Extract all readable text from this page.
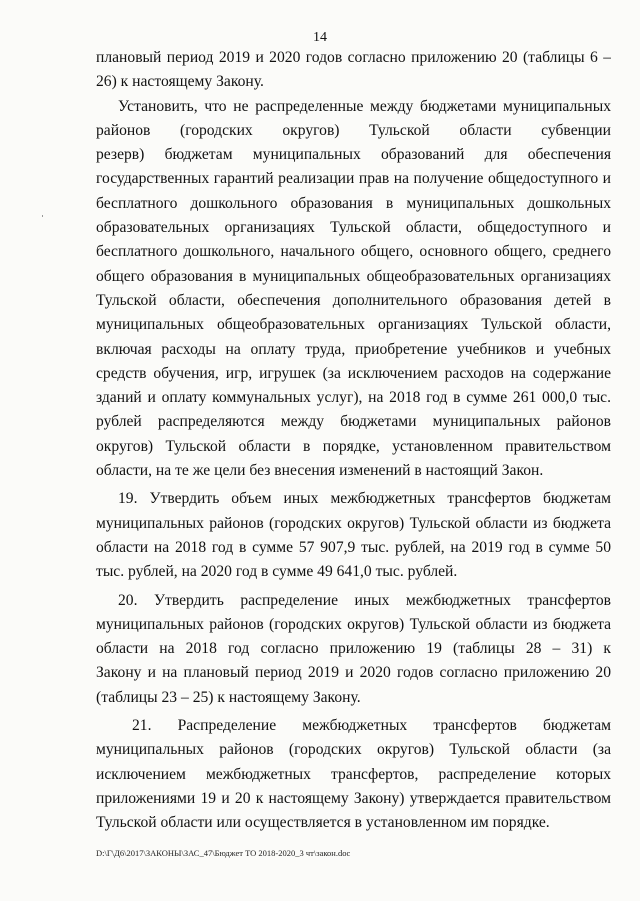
14
плановый период 2019 и 2020 годов согласно приложению 20 (таблицы 6 –
26) к настоящему Закону.
Установить, что не распределенные между бюджетами муниципальных
районов (городских округов) Тульской области субвенции
резерв) бюджетам муниципальных образований для обеспечения
государственных гарантий реализации прав на получение общедоступного и
бесплатного дошкольного образования в муниципальных дошкольных
образовательных организациях Тульской области, общедоступного и
бесплатного дошкольного, начального общего, основного общего, среднего
общего образования в муниципальных общеобразовательных организациях
Тульской области, обеспечения дополнительного образования детей в
муниципальных общеобразовательных организациях Тульской области,
включая расходы на оплату труда, приобретение учебников и учебных
средств обучения, игр, игрушек (за исключением расходов на содержание
зданий и оплату коммунальных услуг), на 2018 год в сумме 261 000,0 тыс.
рублей распределяются между бюджетами муниципальных районов
округов) Тульской области в порядке, установленном правительством
области, на те же цели без внесения изменений в настоящий Закон.
19. Утвердить объем иных межбюджетных трансфертов бюджетам
муниципальных районов (городских округов) Тульской области из бюджета
области на 2018 год в сумме 57 907,9 тыс. рублей, на 2019 год в сумме 50
тыс. рублей, на 2020 год в сумме 49 641,0 тыс. рублей.
20. Утвердить распределение иных межбюджетных трансфертов
муниципальных районов (городских округов) Тульской области из бюджета
области на 2018 год согласно приложению 19 (таблицы 28 – 31) к
Закону и на плановый период 2019 и 2020 годов согласно приложению 20
(таблицы 23 – 25) к настоящему Закону.
21. Распределение межбюджетных трансфертов бюджетам
муниципальных районов (городских округов) Тульской области (за
исключением межбюджетных трансфертов, распределение которых
приложениями 19 и 20 к настоящему Закону) утверждается правительством
Тульской области или осуществляется в установленном им порядке.
D:\Г\Д6\2017\ЗАКОНЫ\ЗАС_47\Бюджет ТО 2018-2020_3 чт\закон.doc
